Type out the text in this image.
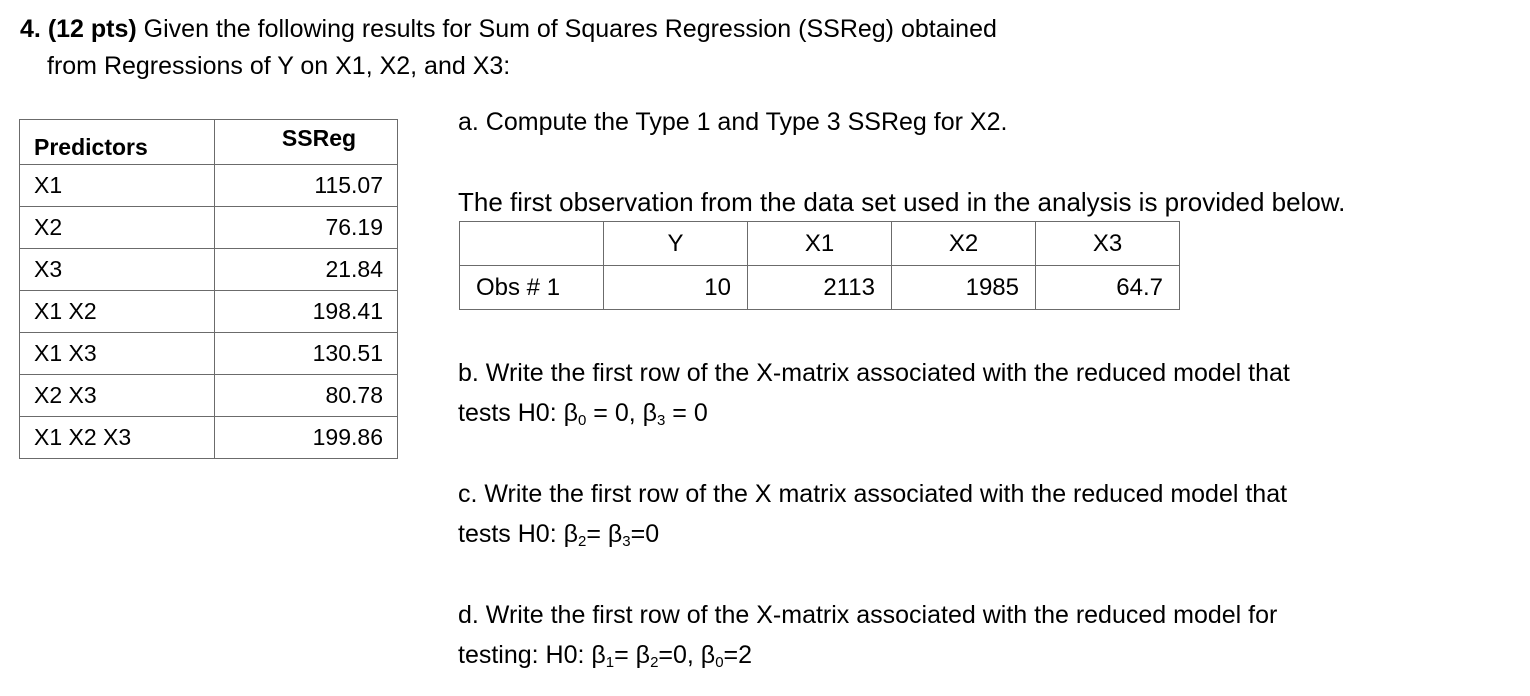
4. (12 pts) Given the following results for Sum of Squares Regression (SSReg) obtained
from Regressions of Y on X1, X2, and X3:
Predictors	SSReg
X1	115.07
X2	76.19
X3	21.84
X1 X2	198.41
X1 X3	130.51
X2 X3	80.78
X1 X2 X3	199.86
a. Compute the Type 1 and Type 3 SSReg for X2.
The first observation from the data set used in the analysis is provided below.
	Y	X1	X2	X3
Obs # 1	10	2113	1985	64.7
b. Write the first row of the X-matrix associated with the reduced model that
tests H0: $\beta_0 = 0$, $\beta_3 = 0$
c. Write the first row of the X matrix associated with the reduced model that
tests H0: $\beta_2= \beta_3=0$
d. Write the first row of the X-matrix associated with the reduced model for
testing: H0: $\beta_1= \beta_2=0$, $\beta_0=2$
